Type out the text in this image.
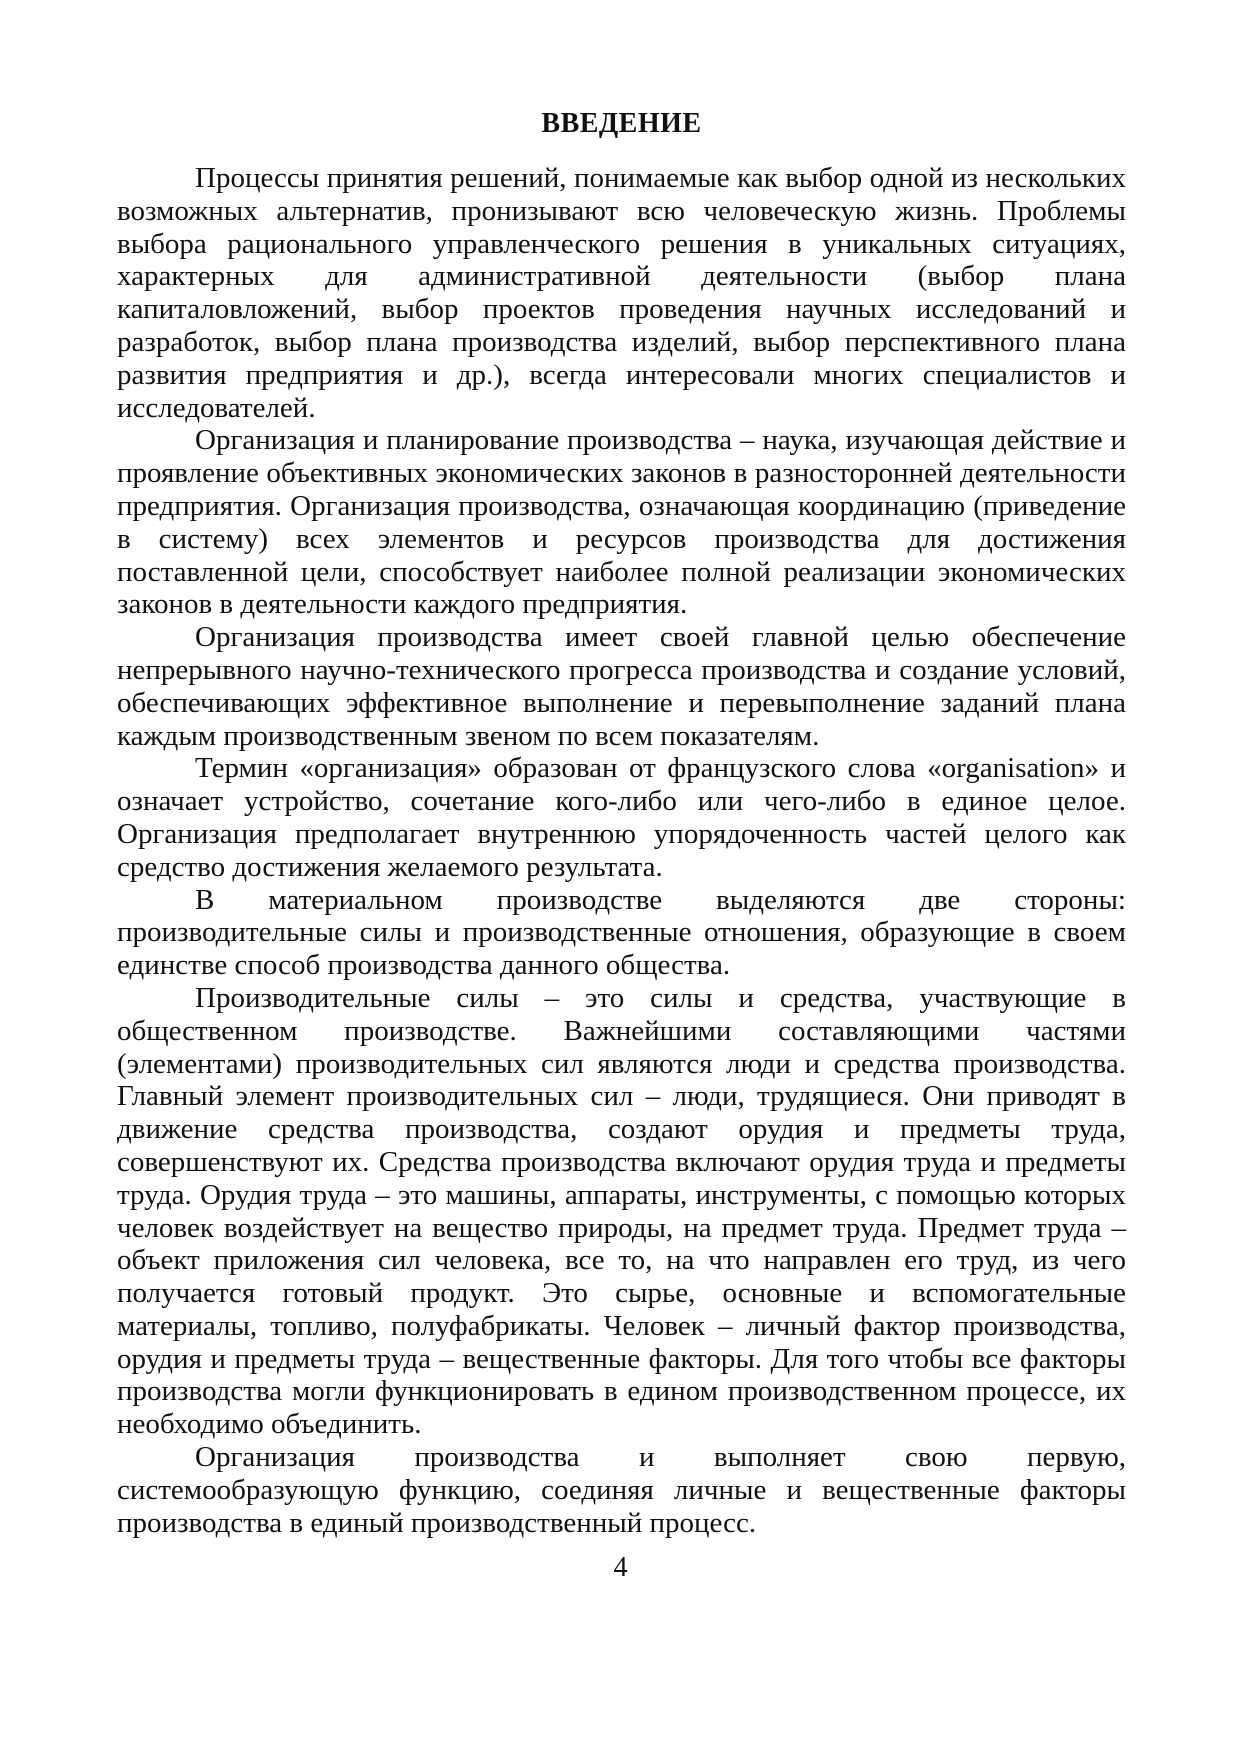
ВВЕДЕНИЕ

Процессы принятия решений, понимаемые как выбор одной из нескольких возможных альтернатив, пронизывают всю человеческую жизнь. Проблемы выбора рационального управленческого решения в уникальных ситуациях, характерных для административной деятельности (выбор плана капиталовложений, выбор проектов проведения научных исследований и разработок, выбор плана производства изделий, выбор перспективного плана развития предприятия и др.), всегда интересовали многих специалистов и исследователей.

Организация и планирование производства – наука, изучающая действие и проявление объективных экономических законов в разносторонней деятельности предприятия. Организация производства, означающая координацию (приведение в систему) всех элементов и ресурсов производства для достижения поставленной цели, способствует наиболее полной реализации экономических законов в деятельности каждого предприятия.

Организация производства имеет своей главной целью обеспечение непрерывного научно-технического прогресса производства и создание условий, обеспечивающих эффективное выполнение и перевыполнение заданий плана каждым производственным звеном по всем показателям.

Термин «организация» образован от французского слова «organisation» и означает устройство, сочетание кого-либо или чего-либо в единое целое. Организация предполагает внутреннюю упорядоченность частей целого как средство достижения желаемого результата.

В материальном производстве выделяются две стороны: производительные силы и производственные отношения, образующие в своем единстве способ производства данного общества.

Производительные силы – это силы и средства, участвующие в общественном производстве. Важнейшими составляющими частями (элементами) производительных сил являются люди и средства производства. Главный элемент производительных сил – люди, трудящиеся. Они приводят в движение средства производства, создают орудия и предметы труда, совершенствуют их. Средства производства включают орудия труда и предметы труда. Орудия труда – это машины, аппараты, инструменты, с помощью которых человек воздействует на вещество природы, на предмет труда. Предмет труда – объект приложения сил человека, все то, на что направлен его труд, из чего получается готовый продукт. Это сырье, основные и вспомогательные материалы, топливо, полуфабрикаты. Человек – личный фактор производства, орудия и предметы труда – вещественные факторы. Для того чтобы все факторы производства могли функционировать в едином производственном процессе, их необходимо объединить.

Организация производства и выполняет свою первую, системообразующую функцию, соединяя личные и вещественные факторы производства в единый производственный процесс.

4
